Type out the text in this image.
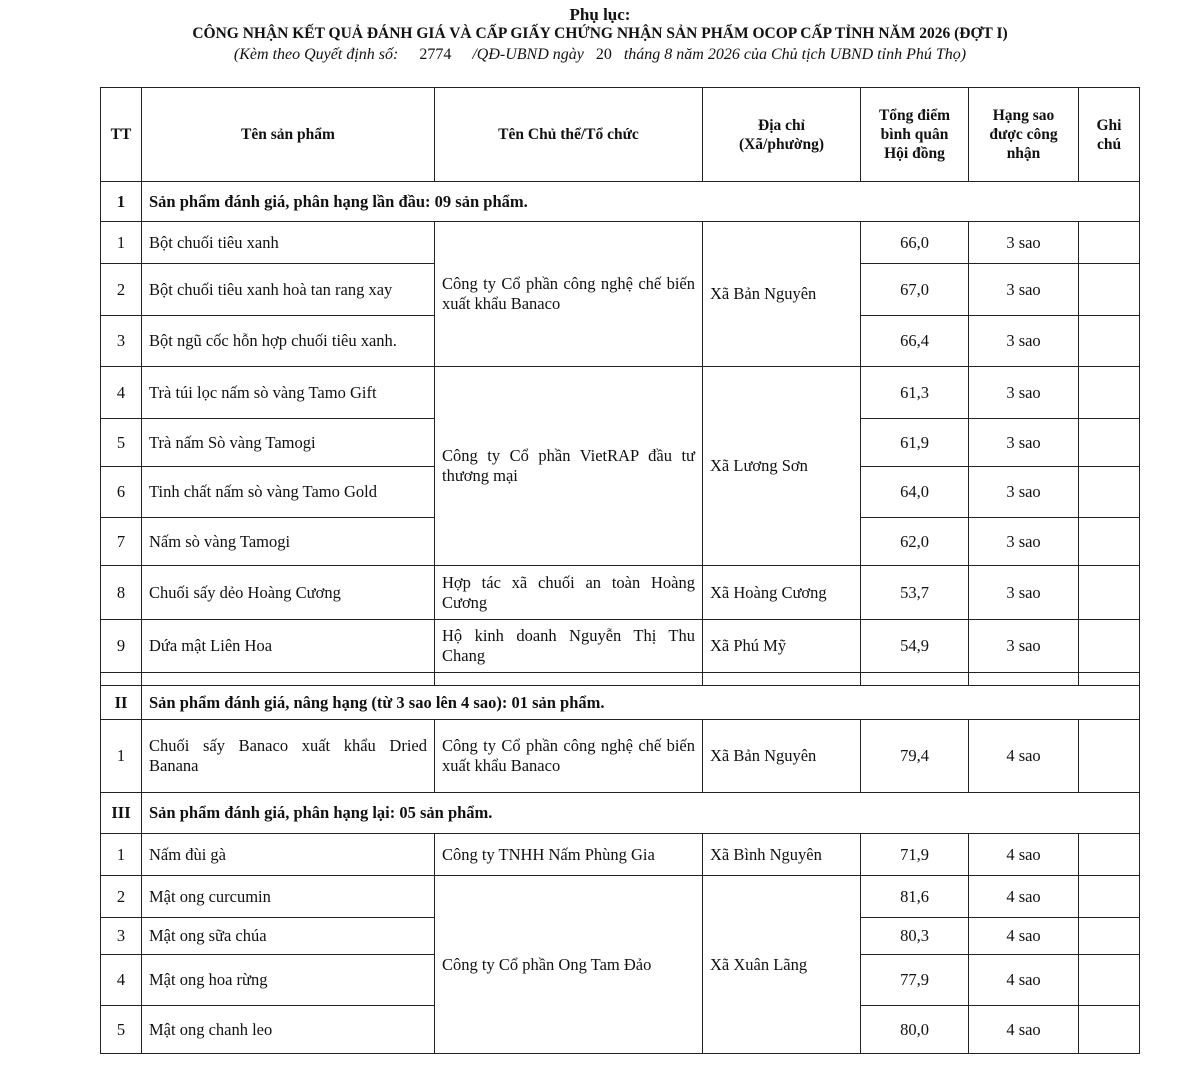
Phụ lục:
CÔNG NHẬN KẾT QUẢ ĐÁNH GIÁ VÀ CẤP GIẤY CHỨNG NHẬN SẢN PHẨM OCOP CẤP TỈNH NĂM 2026 (ĐỢT I)
(Kèm theo Quyết định số: 2774 /QĐ-UBND ngày 20 tháng 8 năm 2026 của Chủ tịch UBND tỉnh Phú Thọ)
TT	Tên sản phẩm	Tên Chủ thể/Tổ chức	Địa chỉ (Xã/phường)	Tổng điểm bình quân Hội đồng	Hạng sao được công nhận	Ghi chú
1	Sản phẩm đánh giá, phân hạng lần đầu: 09 sản phẩm.					
1	Bột chuối tiêu xanh	Công ty Cổ phần công nghệ chế biến xuất khẩu Banaco	Xã Bản Nguyên	66,0	3 sao	
2	Bột chuối tiêu xanh hoà tan rang xay			67,0	3 sao	
3	Bột ngũ cốc hỗn hợp chuối tiêu xanh.			66,4	3 sao	
4	Trà túi lọc nấm sò vàng Tamo Gift	Công ty Cổ phần VietRAP đầu tư thương mại	Xã Lương Sơn	61,3	3 sao	
5	Trà nấm Sò vàng Tamogi			61,9	3 sao	
6	Tinh chất nấm sò vàng Tamo Gold			64,0	3 sao	
7	Nấm sò vàng Tamogi			62,0	3 sao	
8	Chuối sấy dẻo Hoàng Cương	Hợp tác xã chuối an toàn Hoàng Cương	Xã Hoàng Cương	53,7	3 sao	
9	Dứa mật Liên Hoa	Hộ kinh doanh Nguyễn Thị Thu Chang	Xã Phú Mỹ	54,9	3 sao	

II	Sản phẩm đánh giá, nâng hạng (từ 3 sao lên 4 sao): 01 sản phẩm.					
1	Chuối sấy Banaco xuất khẩu Dried Banana	Công ty Cổ phần công nghệ chế biến xuất khẩu Banaco	Xã Bản Nguyên	79,4	4 sao	
III	Sản phẩm đánh giá, phân hạng lại: 05 sản phẩm.					
1	Nấm đùi gà	Công ty TNHH Nấm Phùng Gia	Xã Bình Nguyên	71,9	4 sao	
2	Mật ong curcumin	Công ty Cổ phần Ong Tam Đảo	Xã Xuân Lãng	81,6	4 sao	
3	Mật ong sữa chúa			80,3	4 sao	
4	Mật ong hoa rừng			77,9	4 sao	
5	Mật ong chanh leo			80,0	4 sao	
